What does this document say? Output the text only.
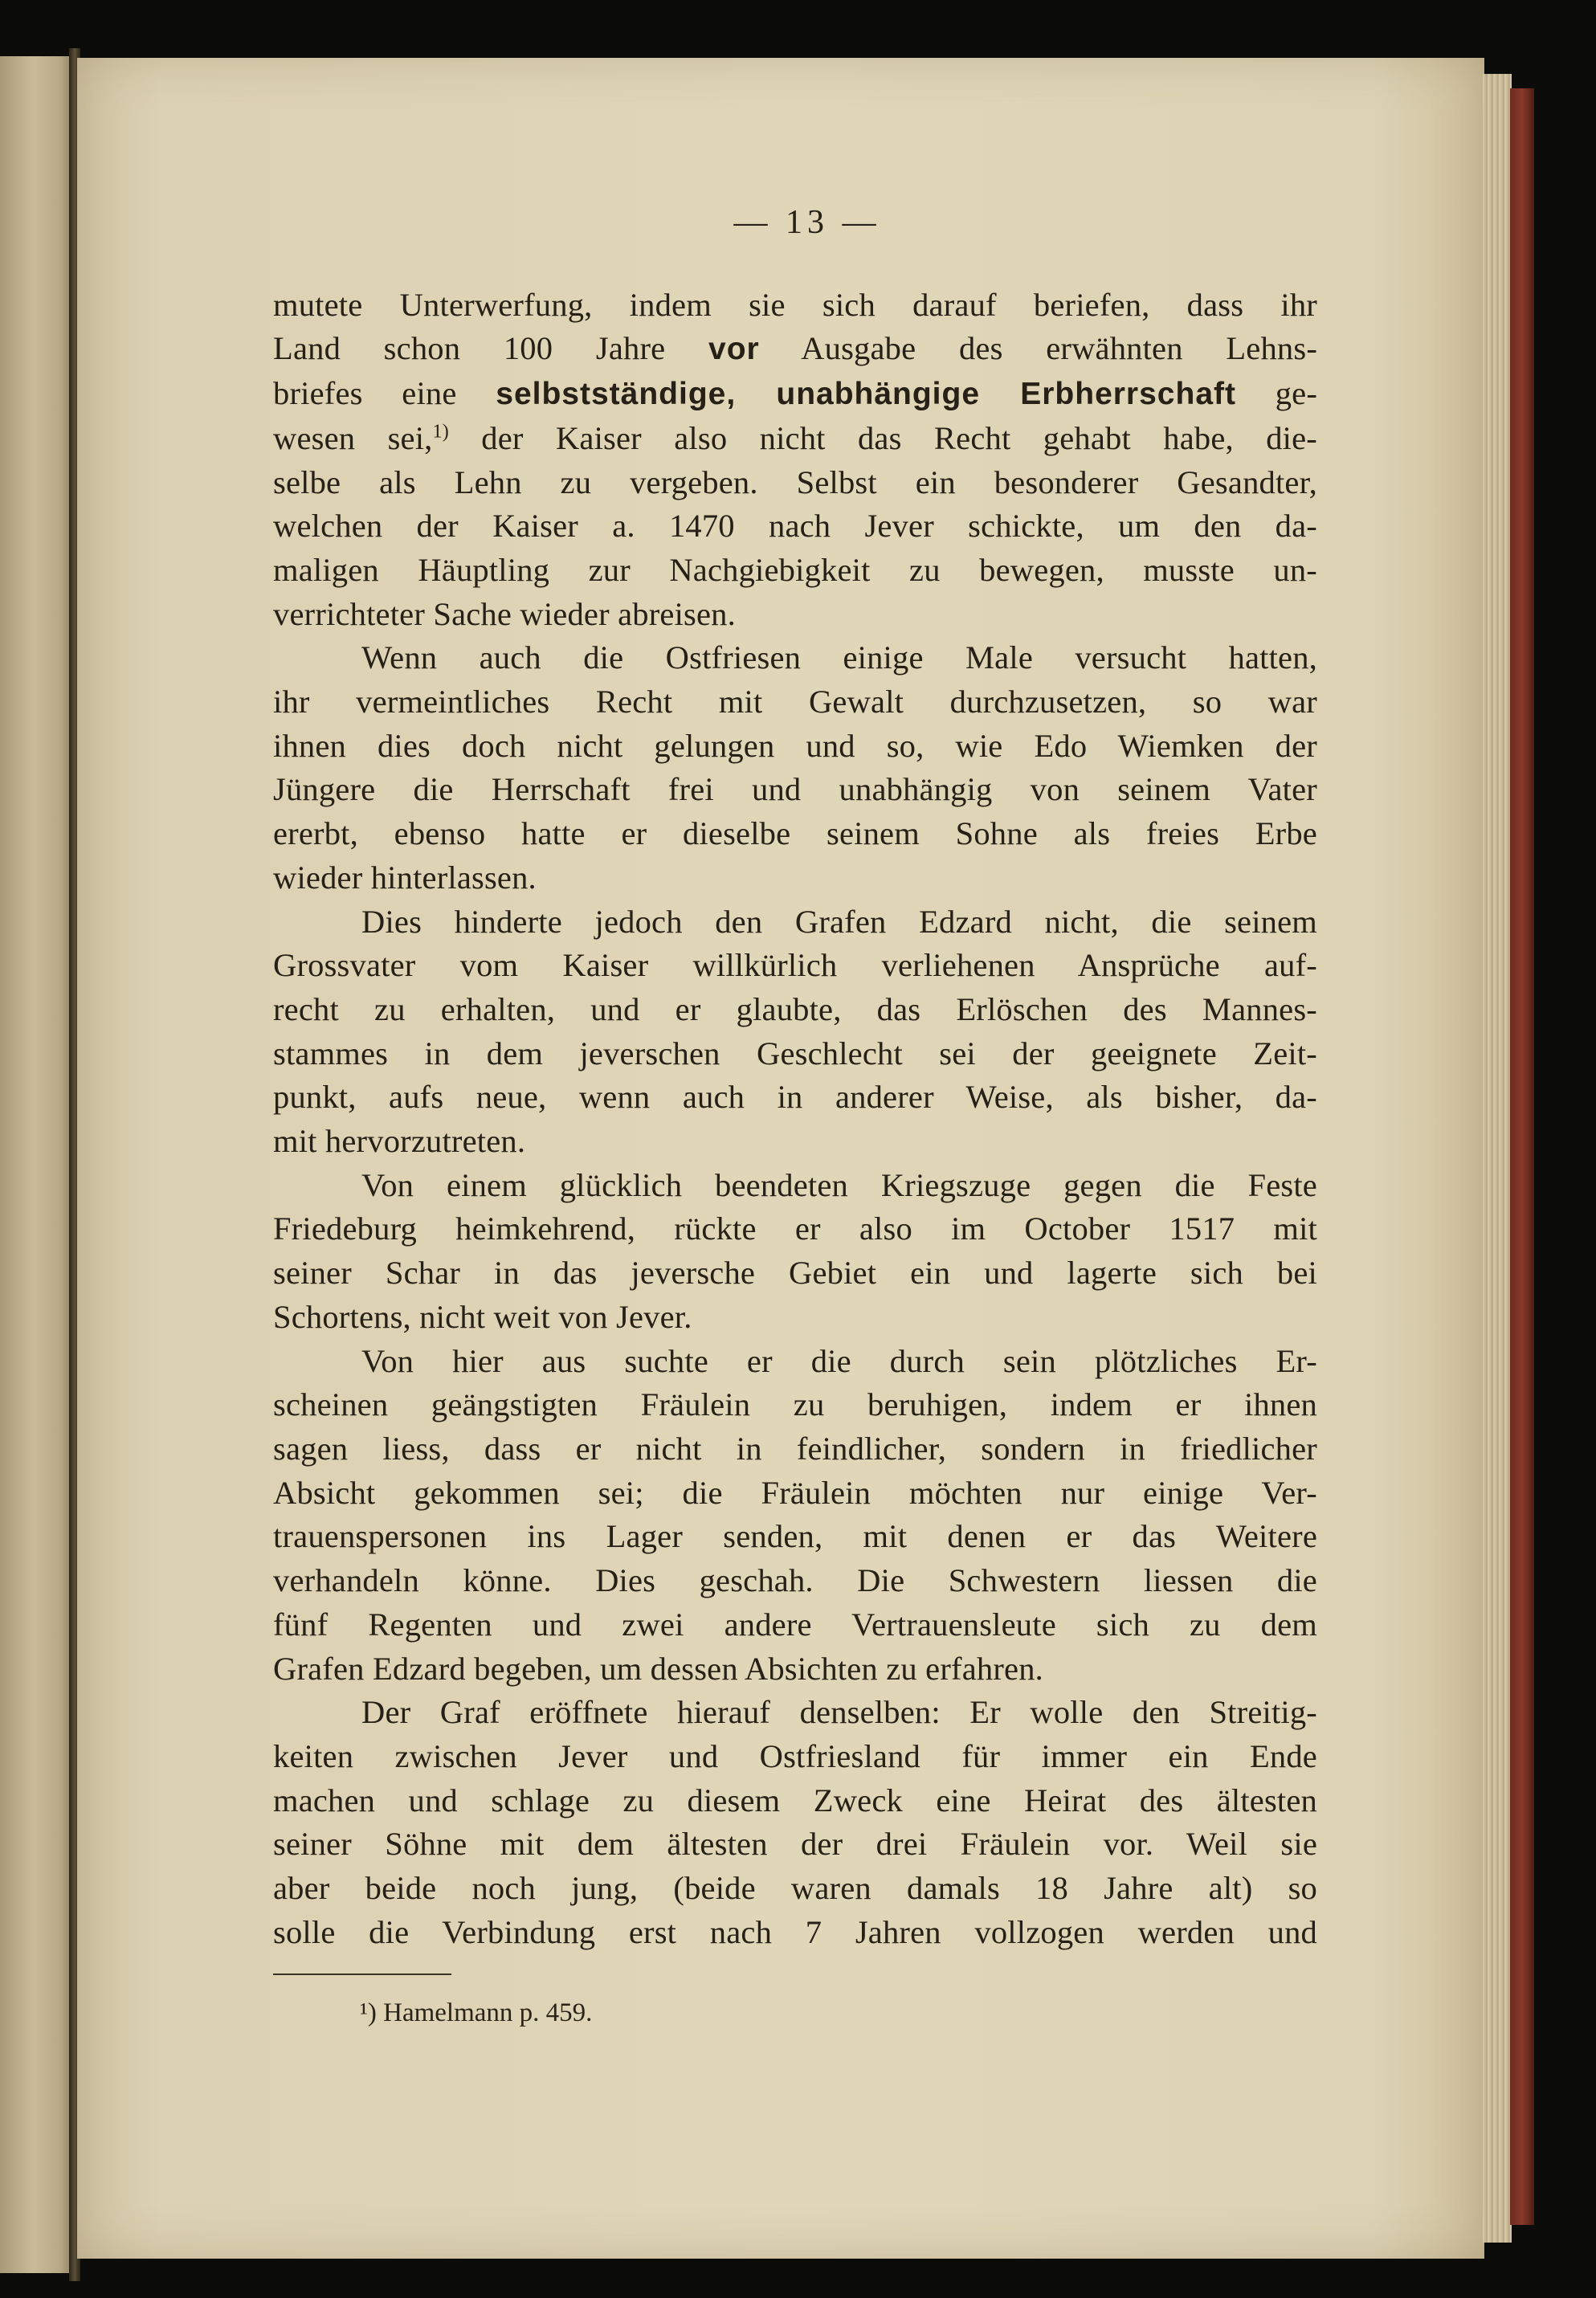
— 13 —
mutete Unterwerfung, indem sie sich darauf beriefen, dass ihr
Land schon 100 Jahre vor Ausgabe des erwähnten Lehns-
briefes eine selbstständige, unabhängige Erbherrschaft ge-
wesen sei,$^{1)}$ der Kaiser also nicht das Recht gehabt habe, die-
selbe als Lehn zu vergeben. Selbst ein besonderer Gesandter,
welchen der Kaiser a. 1470 nach Jever schickte, um den da-
maligen Häuptling zur Nachgiebigkeit zu bewegen, musste un-
verrichteter Sache wieder abreisen.
Wenn auch die Ostfriesen einige Male versucht hatten,
ihr vermeintliches Recht mit Gewalt durchzusetzen, so war
ihnen dies doch nicht gelungen und so, wie Edo Wiemken der
Jüngere die Herrschaft frei und unabhängig von seinem Vater
ererbt, ebenso hatte er dieselbe seinem Sohne als freies Erbe
wieder hinterlassen.
Dies hinderte jedoch den Grafen Edzard nicht, die seinem
Grossvater vom Kaiser willkürlich verliehenen Ansprüche auf-
recht zu erhalten, und er glaubte, das Erlöschen des Mannes-
stammes in dem jeverschen Geschlecht sei der geeignete Zeit-
punkt, aufs neue, wenn auch in anderer Weise, als bisher, da-
mit hervorzutreten.
Von einem glücklich beendeten Kriegszuge gegen die Feste
Friedeburg heimkehrend, rückte er also im October 1517 mit
seiner Schar in das jeversche Gebiet ein und lagerte sich bei
Schortens, nicht weit von Jever.
Von hier aus suchte er die durch sein plötzliches Er-
scheinen geängstigten Fräulein zu beruhigen, indem er ihnen
sagen liess, dass er nicht in feindlicher, sondern in friedlicher
Absicht gekommen sei; die Fräulein möchten nur einige Ver-
trauenspersonen ins Lager senden, mit denen er das Weitere
verhandeln könne. Dies geschah. Die Schwestern liessen die
fünf Regenten und zwei andere Vertrauensleute sich zu dem
Grafen Edzard begeben, um dessen Absichten zu erfahren.
Der Graf eröffnete hierauf denselben: Er wolle den Streitig-
keiten zwischen Jever und Ostfriesland für immer ein Ende
machen und schlage zu diesem Zweck eine Heirat des ältesten
seiner Söhne mit dem ältesten der drei Fräulein vor. Weil sie
aber beide noch jung, (beide waren damals 18 Jahre alt) so
solle die Verbindung erst nach 7 Jahren vollzogen werden und
¹) Hamelmann p. 459.
